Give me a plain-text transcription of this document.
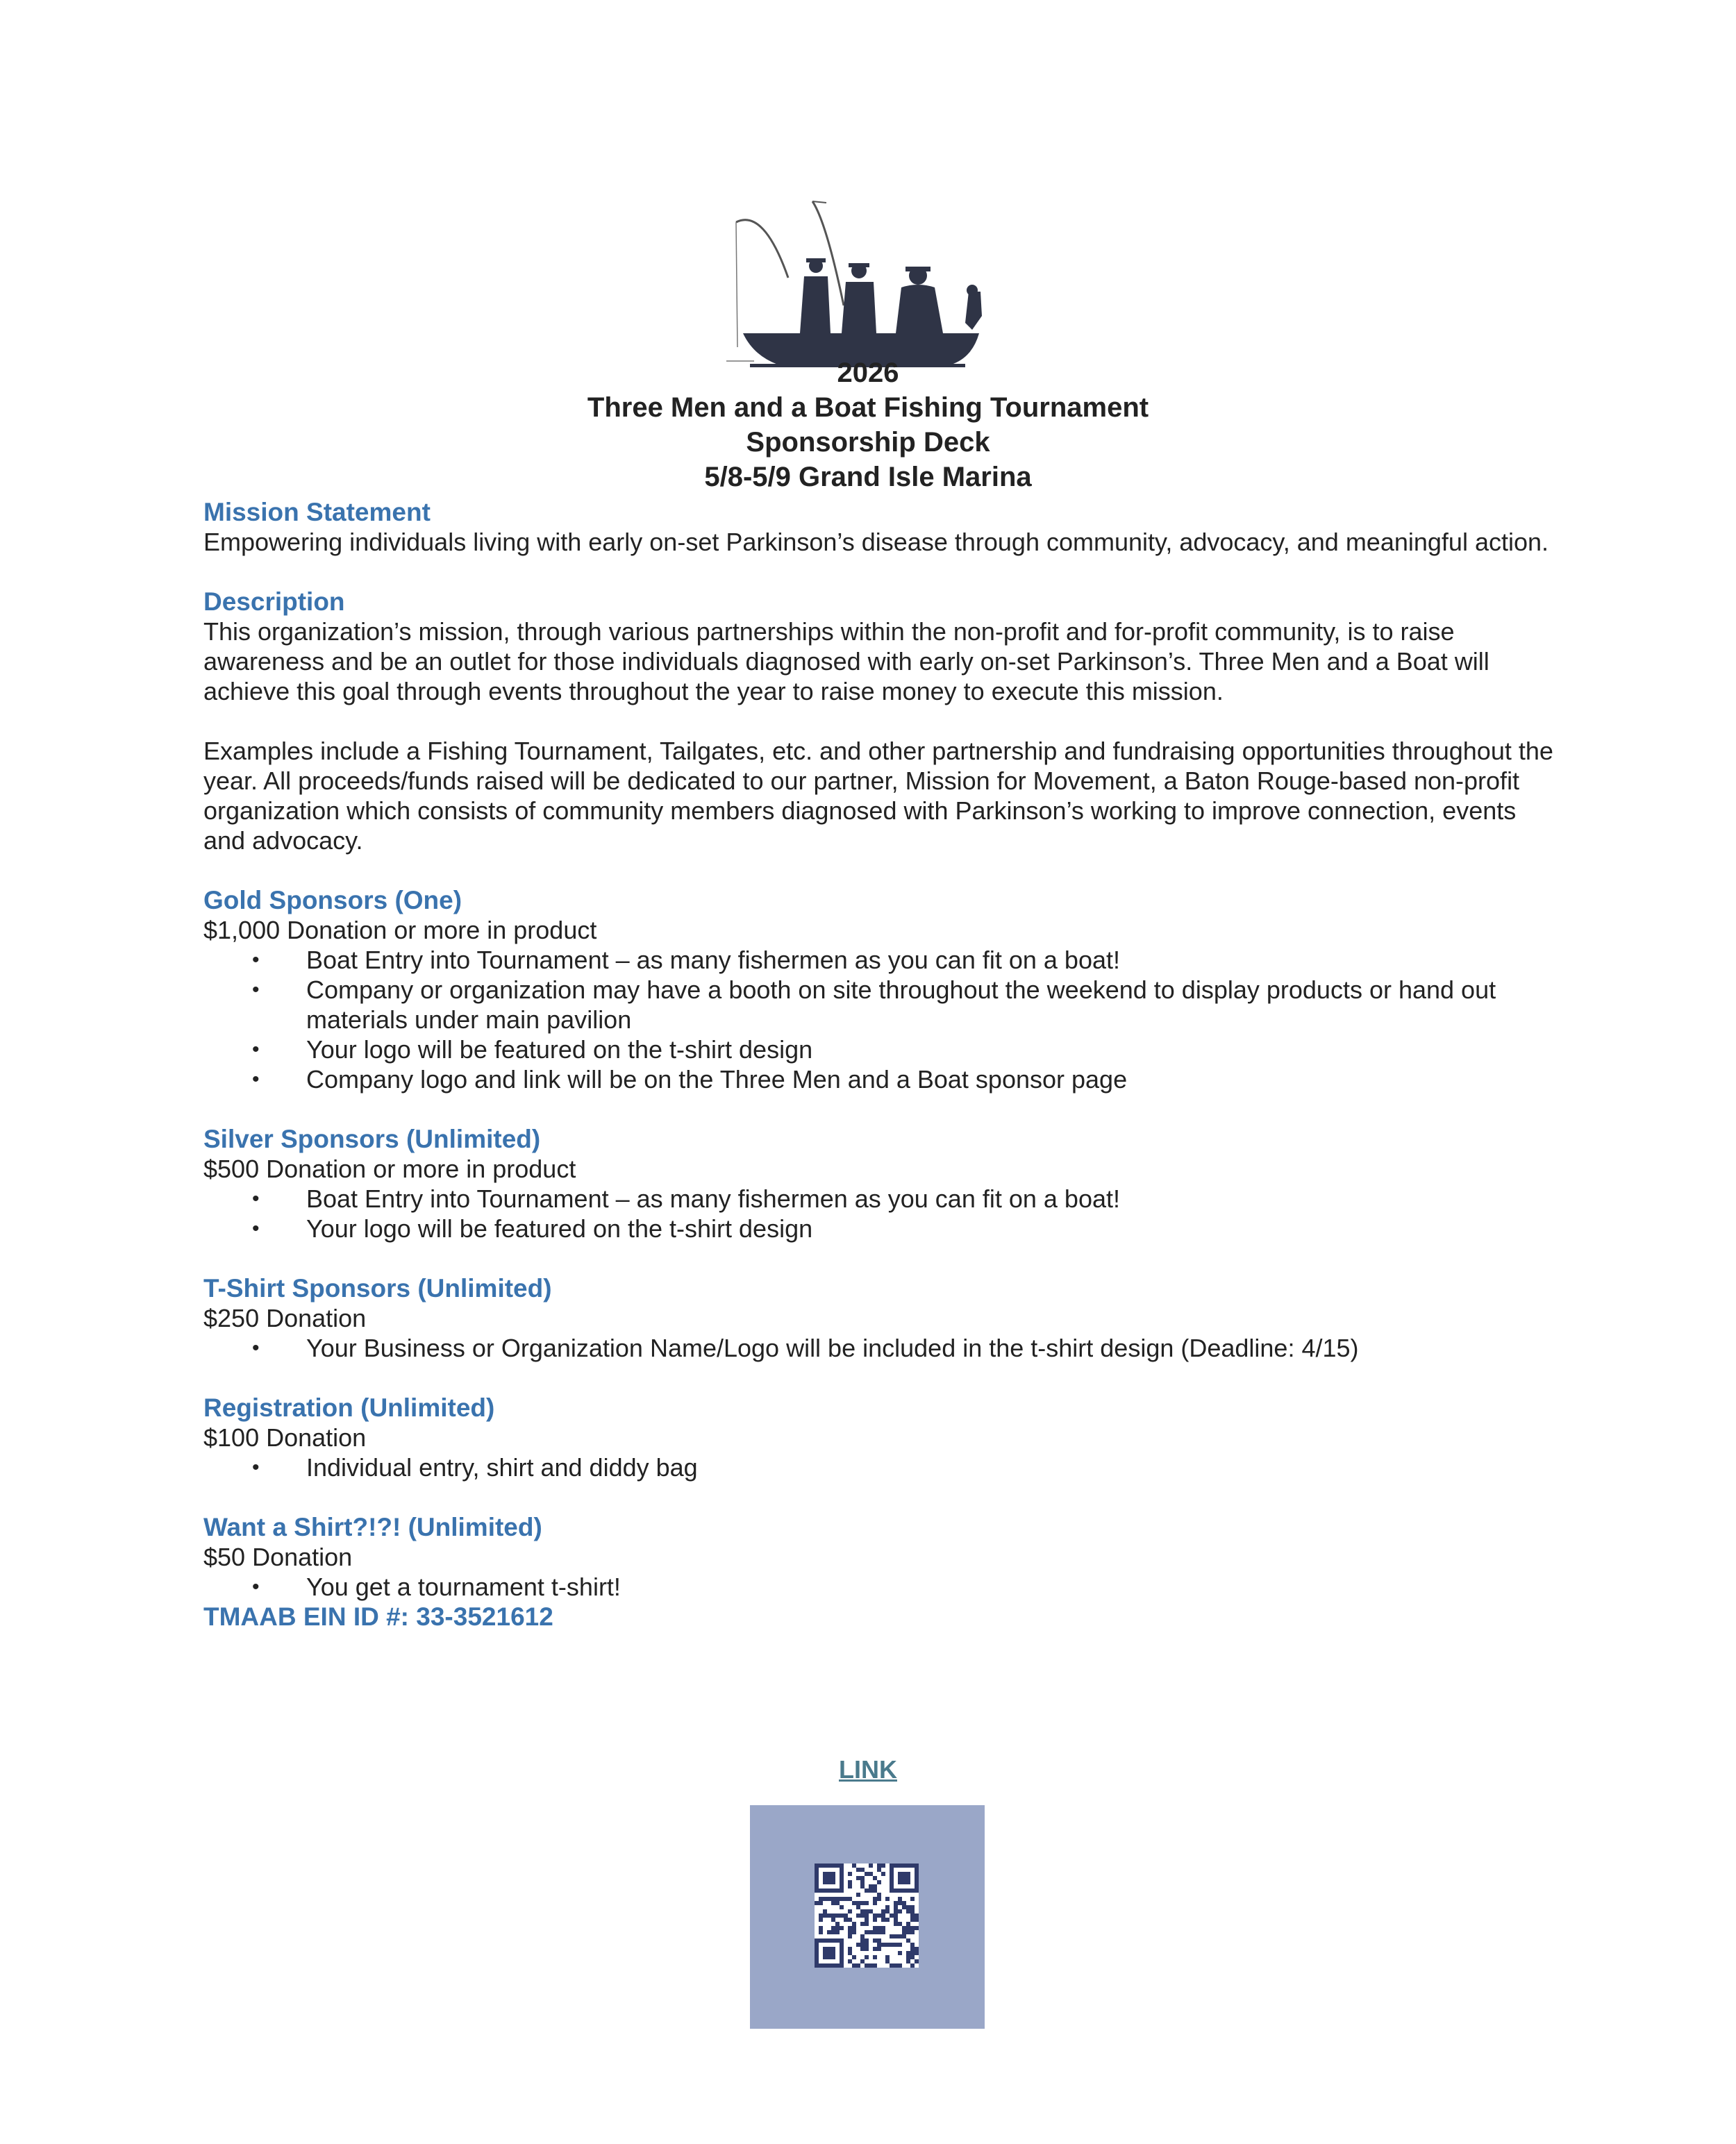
2026
Three Men and a Boat Fishing Tournament
Sponsorship Deck
5/8-5/9 Grand Isle Marina
Mission Statement

Empowering individuals living with early on-set Parkinson’s disease through community, advocacy, and meaningful action.

Description

This organization’s mission, through various partnerships within the non-profit and for-profit community, is to raise awareness and be an outlet for those individuals diagnosed with early on-set Parkinson’s. Three Men and a Boat will achieve this goal through events throughout the year to raise money to execute this mission.

Examples include a Fishing Tournament, Tailgates, etc. and other partnership and fundraising opportunities throughout the year. All proceeds/funds raised will be dedicated to our partner, Mission for Movement, a Baton Rouge-based non-profit organization which consists of community members diagnosed with Parkinson’s working to improve connection, events and advocacy.

Gold Sponsors (One)

$1,000 Donation or more in product

• Boat Entry into Tournament – as many fishermen as you can fit on a boat!
• Company or organization may have a booth on site throughout the weekend to display products or hand out materials under main pavilion
• Your logo will be featured on the t-shirt design
• Company logo and link will be on the Three Men and a Boat sponsor page
Silver Sponsors (Unlimited)

$500 Donation or more in product

• Boat Entry into Tournament – as many fishermen as you can fit on a boat!
• Your logo will be featured on the t-shirt design
T-Shirt Sponsors (Unlimited)

$250 Donation

• Your Business or Organization Name/Logo will be included in the t-shirt design (Deadline: 4/15)
Registration (Unlimited)

$100 Donation

• Individual entry, shirt and diddy bag
Want a Shirt?!?! (Unlimited)

$50 Donation

• You get a tournament t-shirt!
TMAAB EIN ID #: 33-3521612
LINK
